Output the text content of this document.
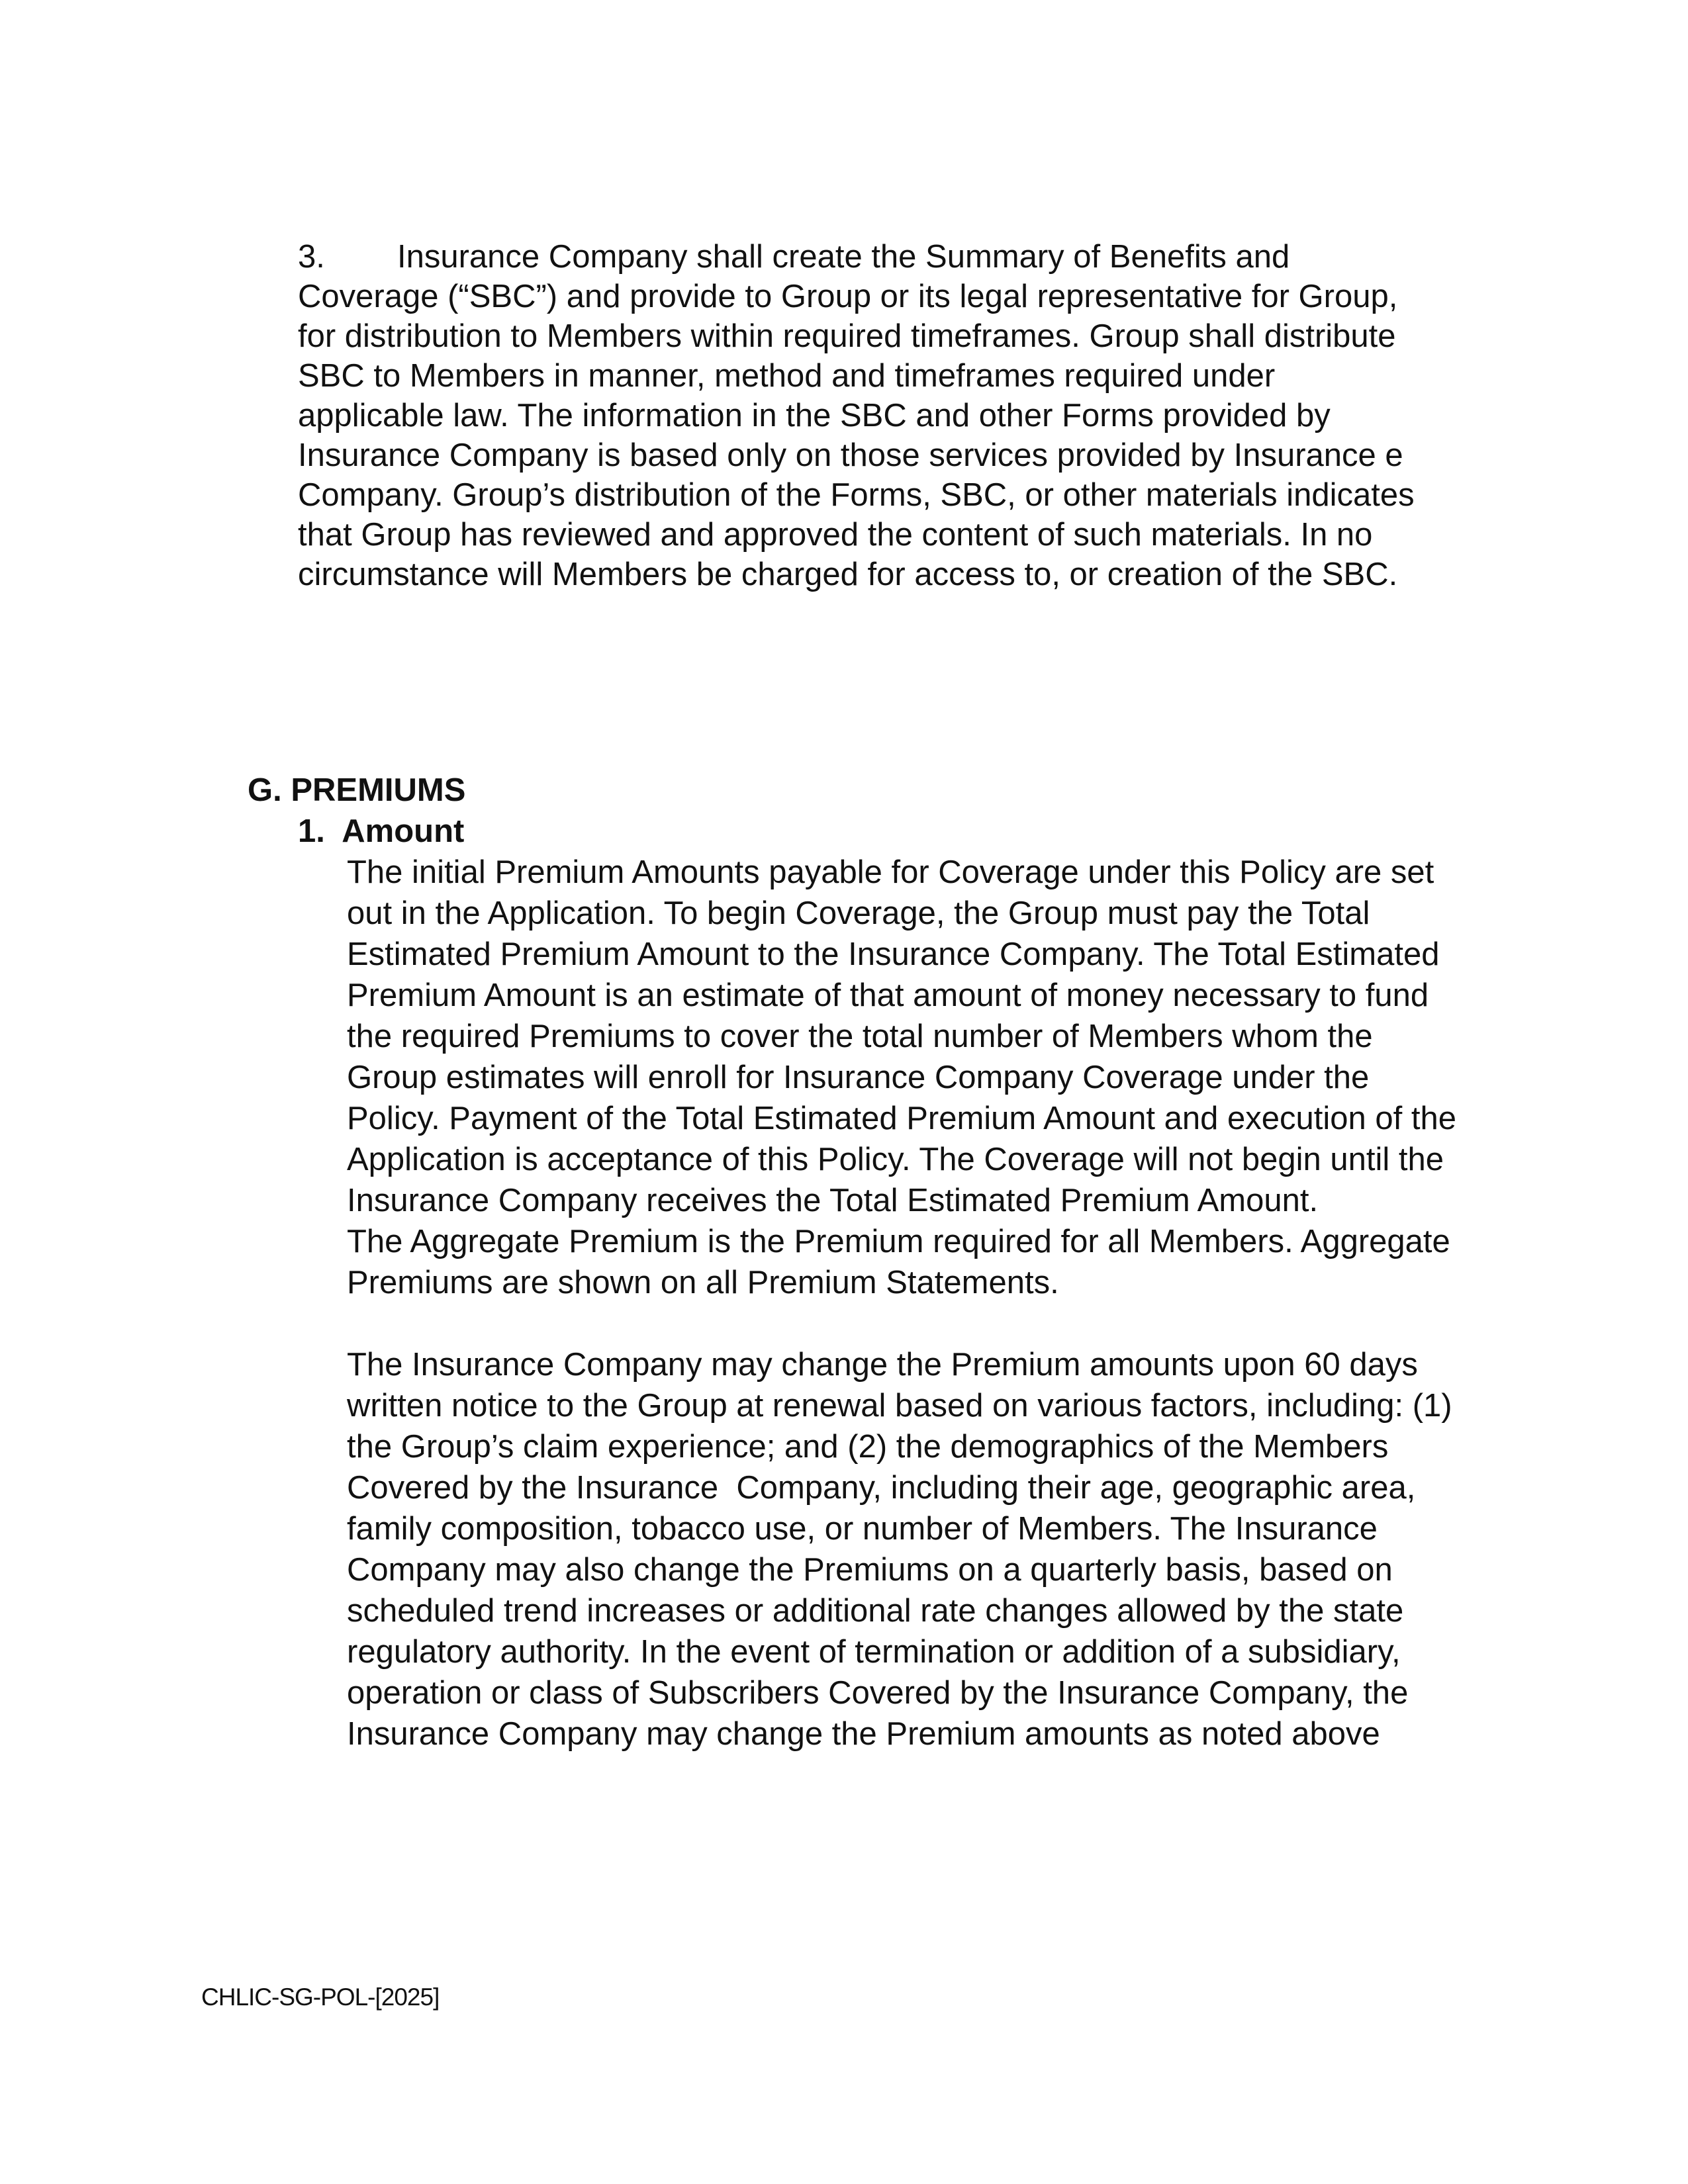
3. Insurance Company shall create the Summary of Benefits and
Coverage (“SBC”) and provide to Group or its legal representative for Group,
for distribution to Members within required timeframes. Group shall distribute
SBC to Members in manner, method and timeframes required under
applicable law. The information in the SBC and other Forms provided by
Insurance Company is based only on those services provided by Insurance e
Company. Group’s distribution of the Forms, SBC, or other materials indicates
that Group has reviewed and approved the content of such materials. In no
circumstance will Members be charged for access to, or creation of the SBC.
G. PREMIUMS
1. Amount
The initial Premium Amounts payable for Coverage under this Policy are set
out in the Application. To begin Coverage, the Group must pay the Total
Estimated Premium Amount to the Insurance Company. The Total Estimated
Premium Amount is an estimate of that amount of money necessary to fund
the required Premiums to cover the total number of Members whom the
Group estimates will enroll for Insurance Company Coverage under the
Policy. Payment of the Total Estimated Premium Amount and execution of the
Application is acceptance of this Policy. The Coverage will not begin until the
Insurance Company receives the Total Estimated Premium Amount.
The Aggregate Premium is the Premium required for all Members. Aggregate
Premiums are shown on all Premium Statements.
The Insurance Company may change the Premium amounts upon 60 days
written notice to the Group at renewal based on various factors, including: (1)
the Group’s claim experience; and (2) the demographics of the Members
Covered by the Insurance  Company, including their age, geographic area,
family composition, tobacco use, or number of Members. The Insurance
Company may also change the Premiums on a quarterly basis, based on
scheduled trend increases or additional rate changes allowed by the state
regulatory authority. In the event of termination or addition of a subsidiary,
operation or class of Subscribers Covered by the Insurance Company, the
Insurance Company may change the Premium amounts as noted above
CHLIC-SG-POL-[2025]
